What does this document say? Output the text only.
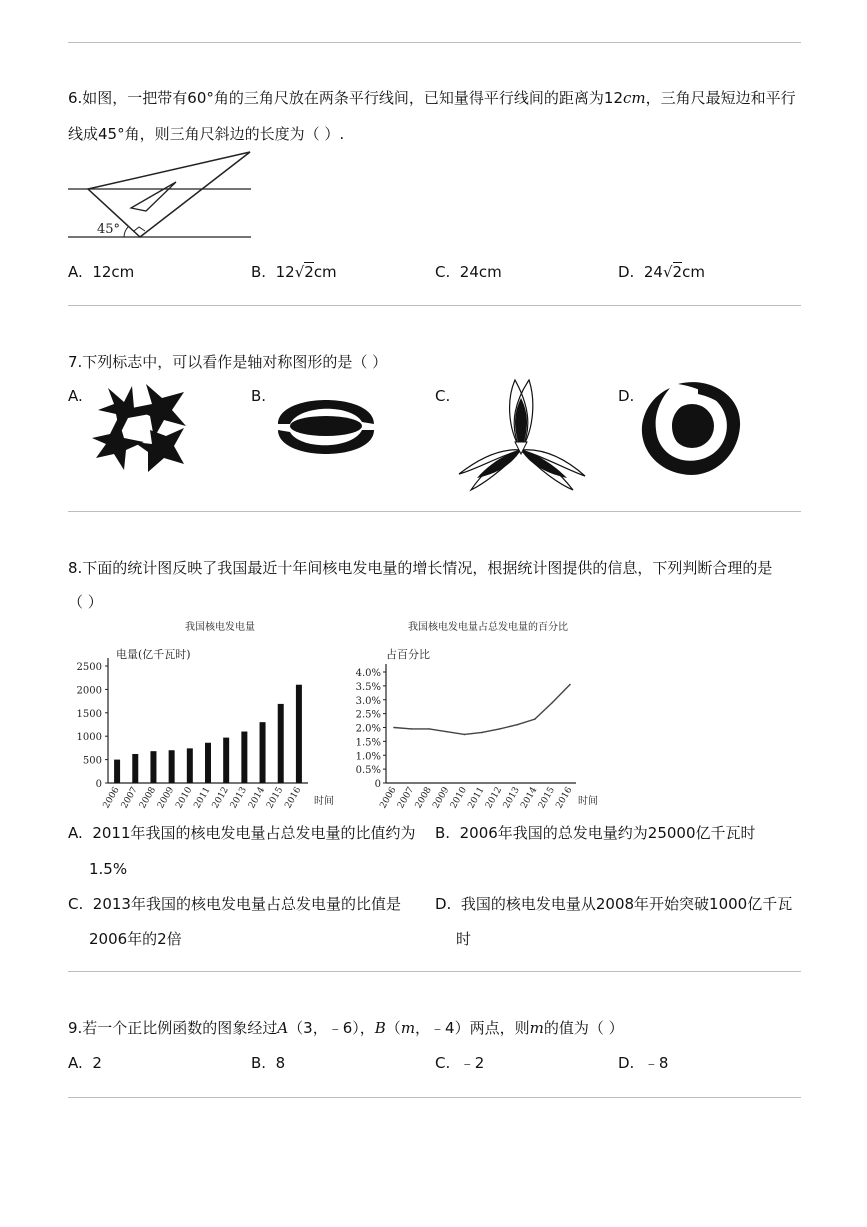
6.如图，一把带有60°角的三角尺放在两条平行线间，已知量得平行线间的距离为12cm，三角尺最短边和平行
线成45°角，则三角尺斜边的长度为（ ）.
45°
A. 12cm	B. 12√2cm	C. 24cm	D. 24√2cm
7.下列标志中，可以看作是轴对称图形的是（ ）
A.	B.	C.	D.
8.下面的统计图反映了我国最近十年间核电发电量的增长情况，根据统计图提供的信息，下列判断合理的是
（ ）
我国核电发电量
电量(亿千瓦时)
时间
0
500
1000
1500
2000
2500
2006
2007
2008
2009
2010
2011
2012
2013
2014
2015
2016
我国核电发电量占总发电量的百分比
占百分比
时间
0
0.5%
1.0%
1.5%
2.0%
2.5%
3.0%
3.5%
4.0%
2006
2007
2008
2009
2010
2011
2012
2013
2014
2015
2016
A. 2011年我国的核电发电量占总发电量的比值约为
1.5%
B. 2006年我国的总发电量约为25000亿千瓦时
C. 2013年我国的核电发电量占总发电量的比值是
2006年的2倍
D. 我国的核电发电量从2008年开始突破1000亿千瓦
时
9.若一个正比例函数的图象经过A（3，﹣6），B（m，﹣4）两点，则m的值为（ ）
A. 2	B. 8	C. ﹣2	D. ﹣8
